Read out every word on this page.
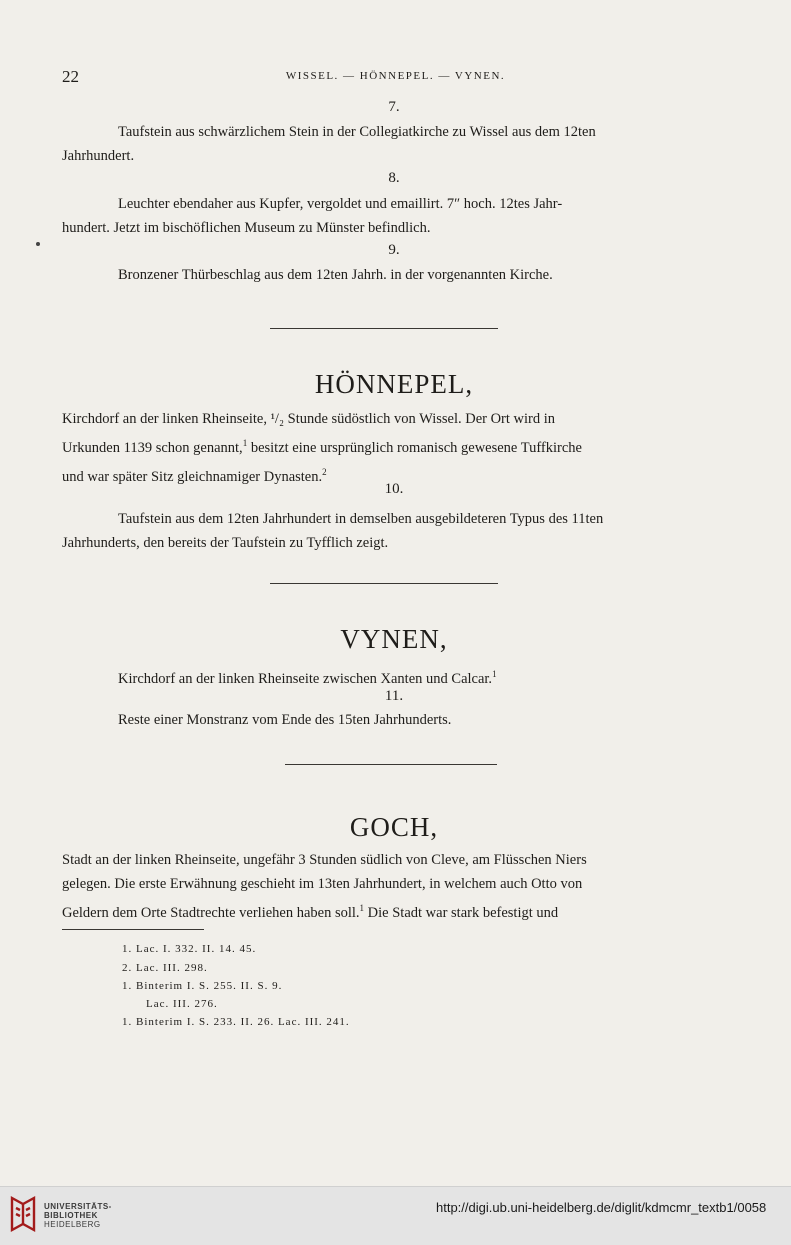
22	WISSEL. — HÖNNEPEL. — VYNEN.
7.
Taufstein aus schwärzlichem Stein in der Collegiatkirche zu Wissel aus dem 12ten
Jahrhundert.
8.
Leuchter ebendaher aus Kupfer, vergoldet und emaillirt. 7″ hoch. 12tes Jahr-
hundert. Jetzt im bischöflichen Museum zu Münster befindlich.
9.
Bronzener Thürbeschlag aus dem 12ten Jahrh. in der vorgenannten Kirche.
HÖNNEPEL,
Kirchdorf an der linken Rheinseite, ¹/₂ Stunde südöstlich von Wissel. Der Ort wird in
Urkunden 1139 schon genannt,$^1$ besitzt eine ursprünglich romanisch gewesene Tuffkirche
und war später Sitz gleichnamiger Dynasten.$^2$
10.
Taufstein aus dem 12ten Jahrhundert in demselben ausgebildeteren Typus des 11ten
Jahrhunderts, den bereits der Taufstein zu Tyfflich zeigt.
VYNEN,
Kirchdorf an der linken Rheinseite zwischen Xanten und Calcar.$^1$
11.
Reste einer Monstranz vom Ende des 15ten Jahrhunderts.
GOCH,
Stadt an der linken Rheinseite, ungefähr 3 Stunden südlich von Cleve, am Flüsschen Niers
gelegen. Die erste Erwähnung geschieht im 13ten Jahrhundert, in welchem auch Otto von
Geldern dem Orte Stadtrechte verliehen haben soll.$^1$ Die Stadt war stark befestigt und
1. Lac. I. 332. II. 14. 45.
2. Lac. III. 298.
1. Binterim I. S. 255. II. S. 9.
Lac. III. 276.
1. Binterim I. S. 233. II. 26. Lac. III. 241.
UNIVERSITÄTS-
BIBLIOTHEK
HEIDELBERG
http://digi.ub.uni-heidelberg.de/diglit/kdmcmr_textb1/0058
